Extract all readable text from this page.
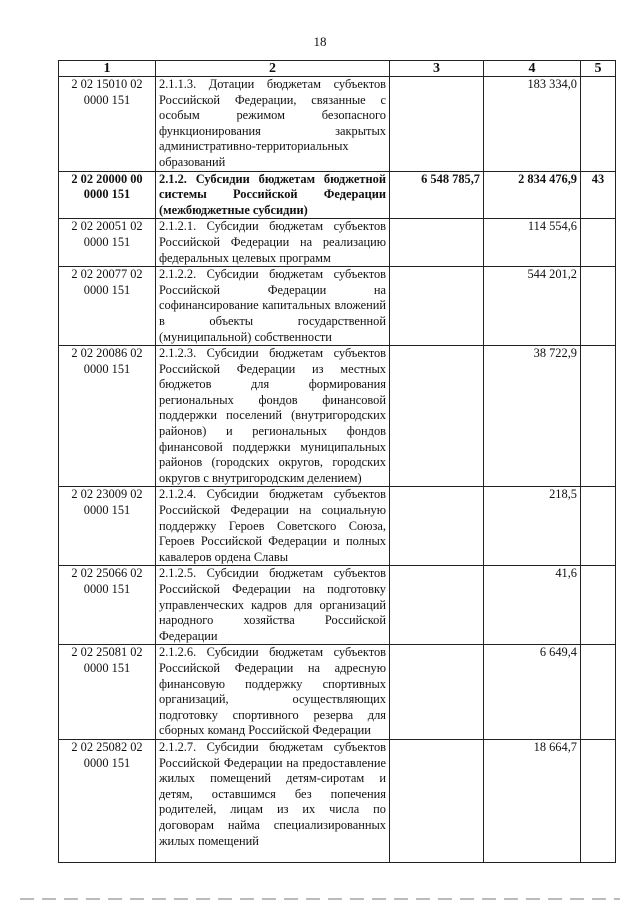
18
1	2	3	4	5
2 02 15010 02 0000 151	2.1.1.3. Дотации бюджетам субъектов Российской Федерации, связанные с особым режимом безопасного функционирования закрытых административно-территориальных образований		183 334,0	
2 02 20000 00 0000 151	2.1.2. Субсидии бюджетам бюджетной системы Российской Федерации (межбюджетные субсидии)	6 548 785,7	2 834 476,9	43
2 02 20051 02 0000 151	2.1.2.1. Субсидии бюджетам субъектов Российской Федерации на реализацию федеральных целевых программ		114 554,6	
2 02 20077 02 0000 151	2.1.2.2. Субсидии бюджетам субъектов Российской Федерации на софинансирование капитальных вложений в объекты государственной (муниципальной) собственности		544 201,2	
2 02 20086 02 0000 151	2.1.2.3. Субсидии бюджетам субъектов Российской Федерации из местных бюджетов для формирования региональных фондов финансовой поддержки поселений (внутригородских районов) и региональных фондов финансовой поддержки муниципальных районов (городских округов, городских округов с внутригородским делением)		38 722,9	
2 02 23009 02 0000 151	2.1.2.4. Субсидии бюджетам субъектов Российской Федерации на социальную поддержку Героев Советского Союза, Героев Российской Федерации и полных кавалеров ордена Славы		218,5	
2 02 25066 02 0000 151	2.1.2.5. Субсидии бюджетам субъектов Российской Федерации на подготовку управленческих кадров для организаций народного хозяйства Российской Федерации		41,6	
2 02 25081 02 0000 151	2.1.2.6. Субсидии бюджетам субъектов Российской Федерации на адресную финансовую поддержку спортивных организаций, осуществляющих подготовку спортивного резерва для сборных команд Российской Федерации		6 649,4	
2 02 25082 02 0000 151	2.1.2.7. Субсидии бюджетам субъектов Российской Федерации на предоставление жилых помещений детям-сиротам и детям, оставшимся без попечения родителей, лицам из их числа по договорам найма специализированных жилых помещений		18 664,7	
